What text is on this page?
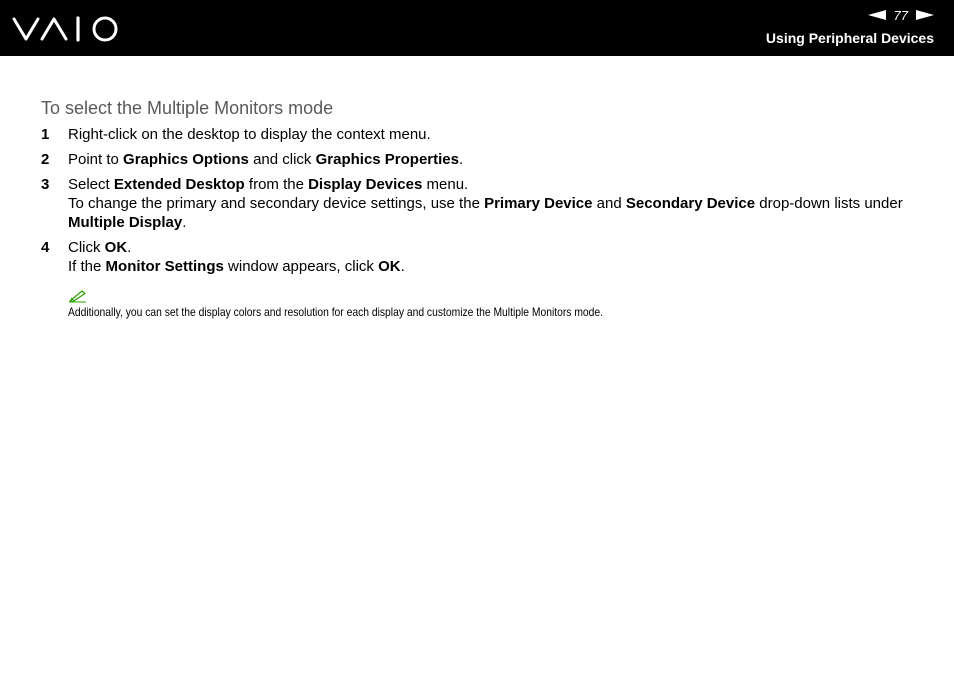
77
Using Peripheral Devices
To select the Multiple Monitors mode
1	Right-click on the desktop to display the context menu.
2	Point to Graphics Options and click Graphics Properties.
3	Select Extended Desktop from the Display Devices menu.
To change the primary and secondary device settings, use the Primary Device and Secondary Device drop-down lists under Multiple Display.
4	Click OK.
If the Monitor Settings window appears, click OK.
Additionally, you can set the display colors and resolution for each display and customize the Multiple Monitors mode.
